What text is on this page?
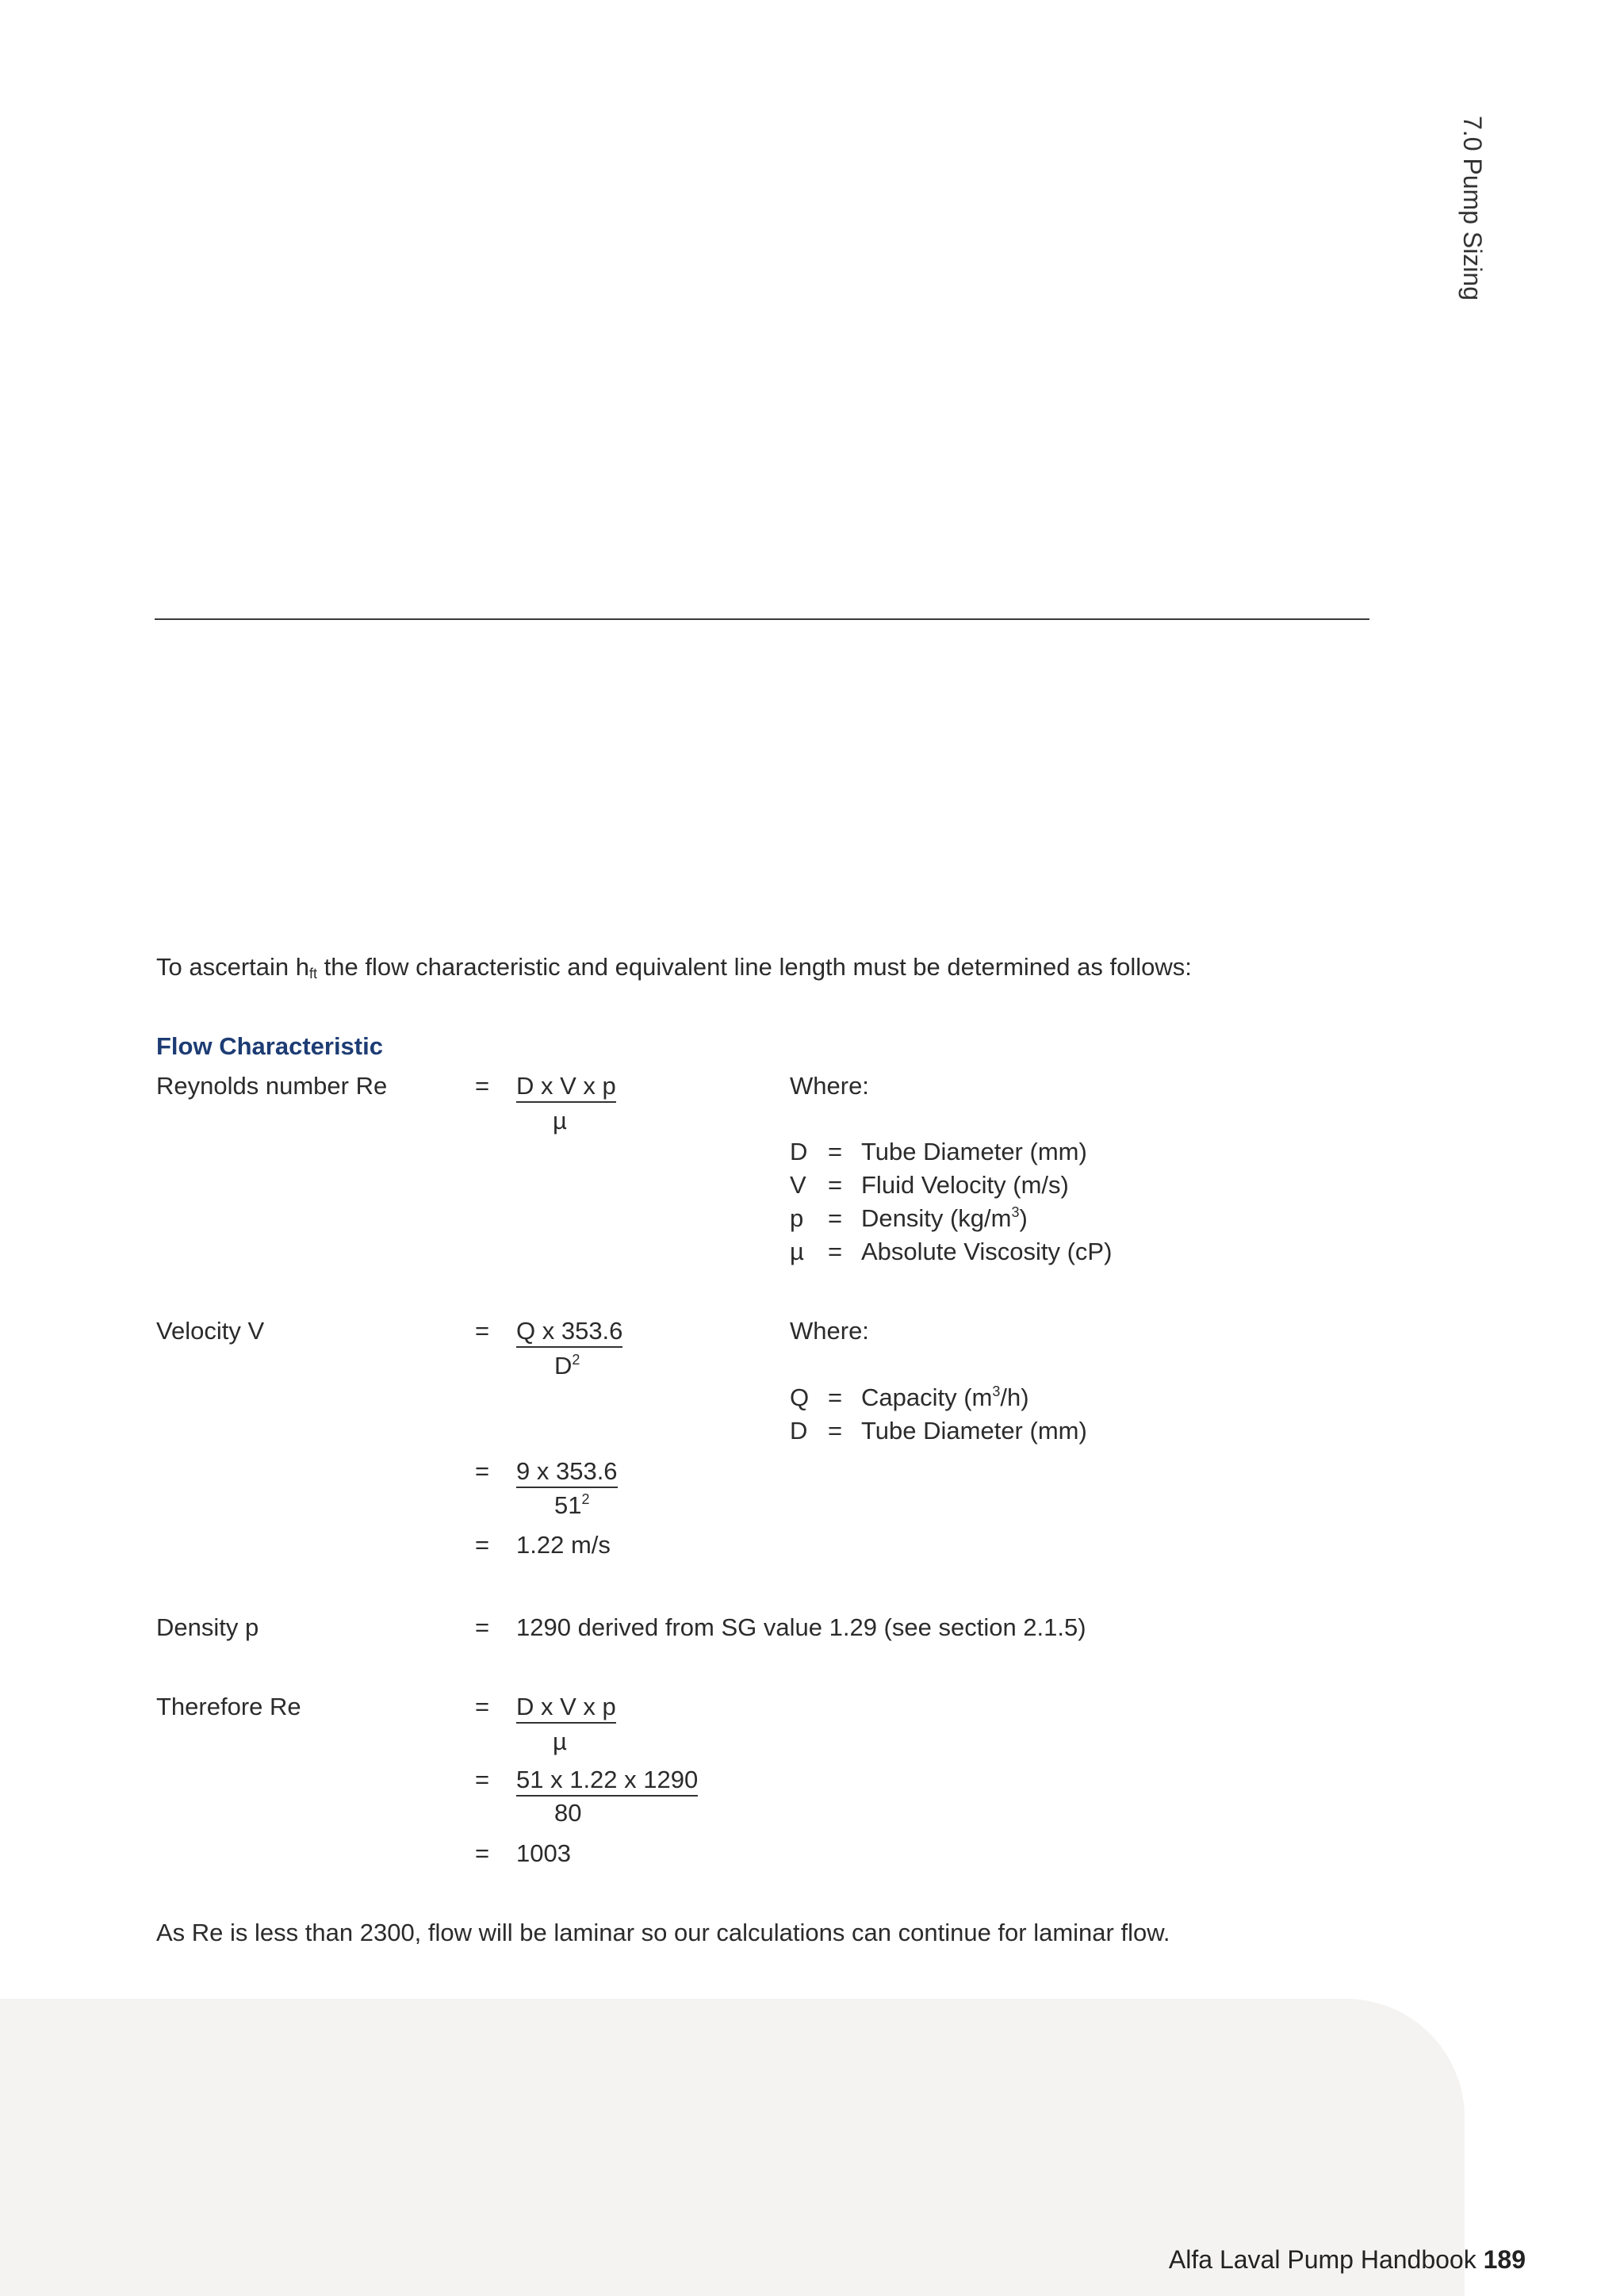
7.0 Pump Sizing
To ascertain $h_{ft}$ the flow characteristic and equivalent line length must be determined as follows:
Flow Characteristic
Reynolds number Re	= D x V x p
µ
Where:
D = Tube Diameter (mm)
V = Fluid Velocity (m/s)
p = Density $(kg/m^3)$
µ = Absolute Viscosity (cP)
Velocity V	= Q x 353.6
$D^2$
Where:
Q = Capacity $(m^3/h)$
D = Tube Diameter (mm)
= 9 x 353.6
$51^2$
= 1.22 m/s
Density p	= 1290 derived from SG value 1.29 (see section 2.1.5)
Therefore Re	= D x V x p
µ
= 51 x 1.22 x 1290
80
= 1003
As Re is less than 2300, flow will be laminar so our calculations can continue for laminar flow.
Alfa Laval Pump Handbook 189
